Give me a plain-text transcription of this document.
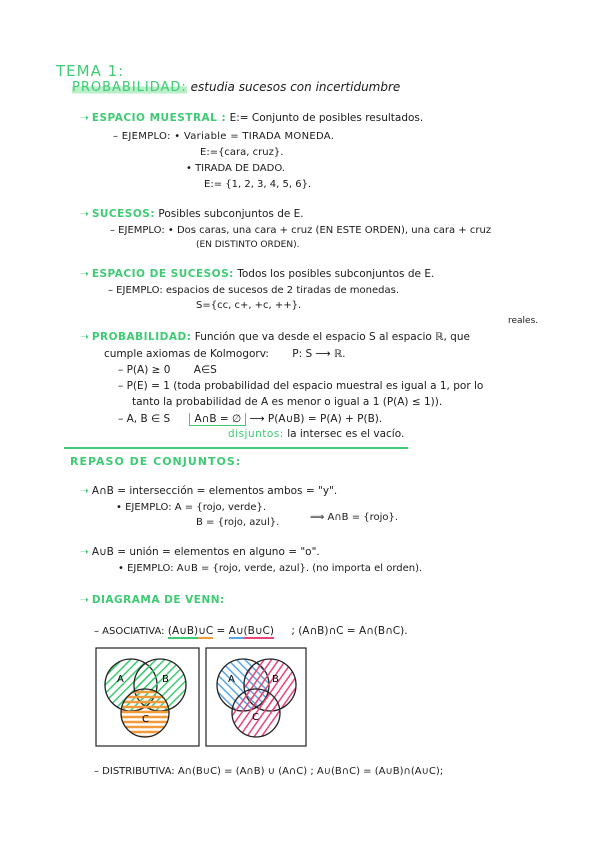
TEMA 1:
PROBABILIDAD: estudia sucesos con incertidumbre
➝ ESPACIO MUESTRAL : E:= Conjunto de posibles resultados.
– EJEMPLO: • Variable = TIRADA MONEDA.
E:={cara, cruz}.
• TIRADA DE DADO.
E:= {1, 2, 3, 4, 5, 6}.
➝ SUCESOS: Posibles subconjuntos de E.
– EJEMPLO: • Dos caras, una cara + cruz (EN ESTE ORDEN), una cara + cruz
(EN DISTINTO ORDEN).
➝ ESPACIO DE SUCESOS: Todos los posibles subconjuntos de E.
– EJEMPLO: espacios de sucesos de 2 tiradas de monedas.
S={cc, c+, +c, ++}.
reales.
➝ PROBABILIDAD: Función que va desde el espacio S al espacio ℝ, que
cumple axiomas de Kolmogorv: P: S ⟶ ℝ.
– P(A) ≥ 0 A∈S
– P(E) = 1 (toda probabilidad del espacio muestral es igual a 1, por lo
tanto la probabilidad de A es menor o igual a 1 (P(A) ≤ 1)).
– A, B ∈ S A∩B = ∅ ⟶ P(A∪B) = P(A) + P(B).
disjuntos: la intersec es el vacío.
REPASO DE CONJUNTOS:
➝ A∩B = intersección = elementos ambos = "y".
• EJEMPLO: A = {rojo, verde}.
B = {rojo, azul}.	⟹ A∩B = {rojo}.
➝ A∪B = unión = elementos en alguno = "o".
• EJEMPLO: A∪B = {rojo, verde, azul}. (no importa el orden).
➝ DIAGRAMA DE VENN:
– ASOCIATIVA: (A∪B)∪C = A∪(B∪C) ; (A∩B)∩C = A∩(B∩C).
A	B
C
A	B
C
– DISTRIBUTIVA: A∩(B∪C) = (A∩B) ∪ (A∩C) ; A∪(B∩C) = (A∪B)∩(A∪C);
